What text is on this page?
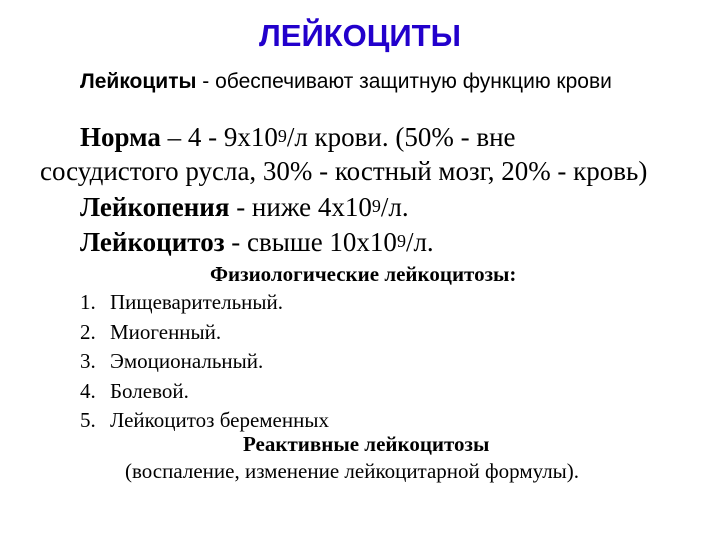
ЛЕЙКОЦИТЫ
Лейкоциты - обеспечивают защитную функцию крови
Норма – 4 - 9х109/л крови. (50% - вне
сосудистого русла, 30% - костный мозг, 20% - кровь)
Лейкопения - ниже 4х109/л.
Лейкоцитоз - свыше 10х109/л.
Физиологические лейкоцитозы:
1. Пищеварительный.
2. Миогенный.
3. Эмоциональный.
4. Болевой.
5. Лейкоцитоз беременных
Реактивные лейкоцитозы
(воспаление, изменение лейкоцитарной формулы).
